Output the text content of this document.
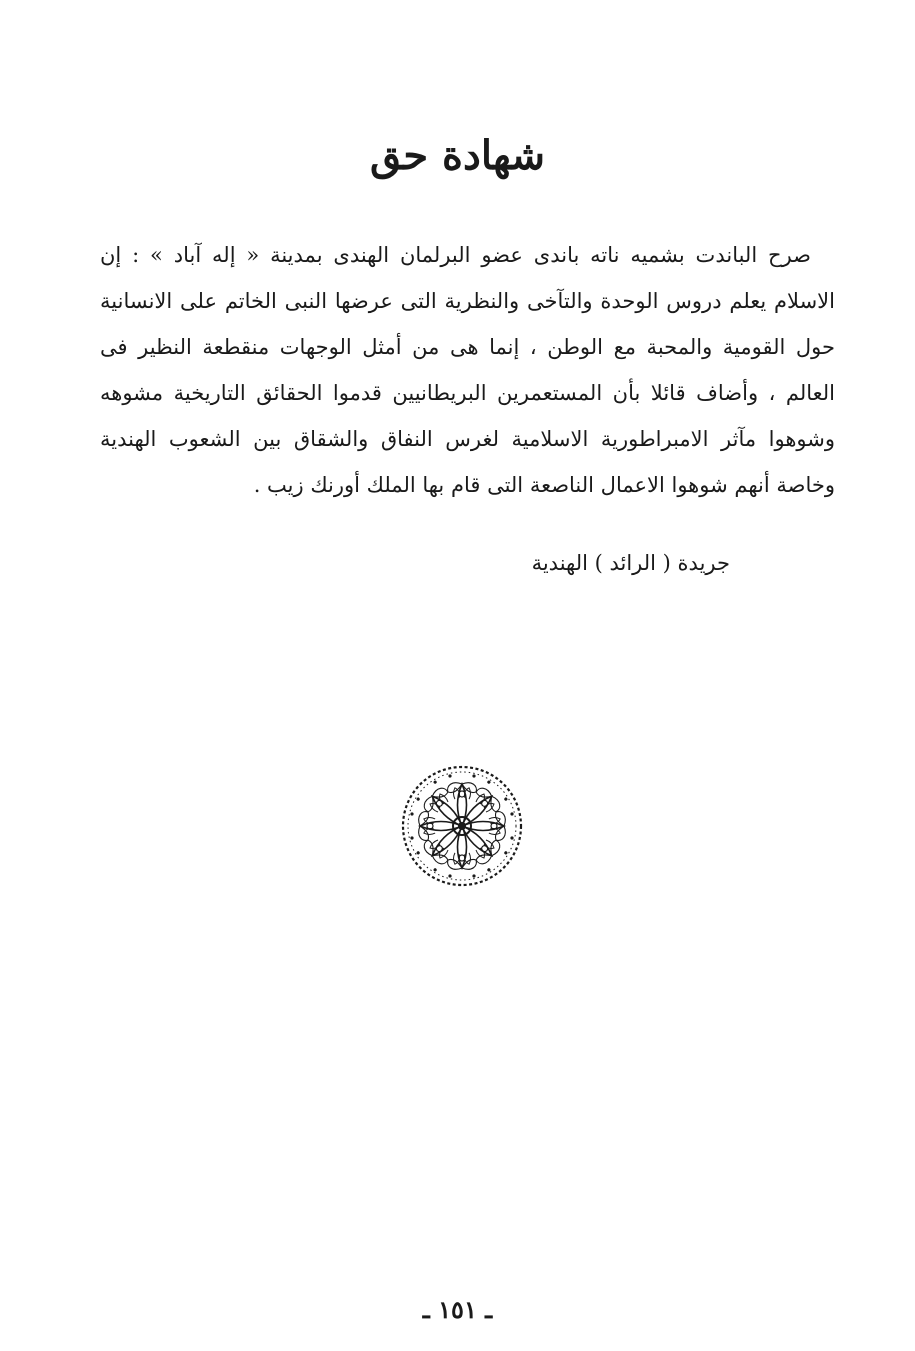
شهادة حق
صرح الباندت بشميه ناته باندى عضو البرلمان الهندى بمدينة « إله آباد » : إن
الاسلام يعلم دروس الوحدة والتآخى والنظرية التى عرضها النبى الخاتم على الانسانية
حول القومية والمحبة مع الوطن ، إنما هى من أمثل الوجهات منقطعة النظير فى
العالم ، وأضاف قائلا بأن المستعمرين البريطانيين قدموا الحقائق التاريخية مشوهه
وشوهوا مآثر الامبراطورية الاسلامية لغرس النفاق والشقاق بين الشعوب الهندية
وخاصة أنهم شوهوا الاعمال الناصعة التى قام بها الملك أورنك زيب .
جريدة ( الرائد ) الهندية
ـ ١٥١ ـ
